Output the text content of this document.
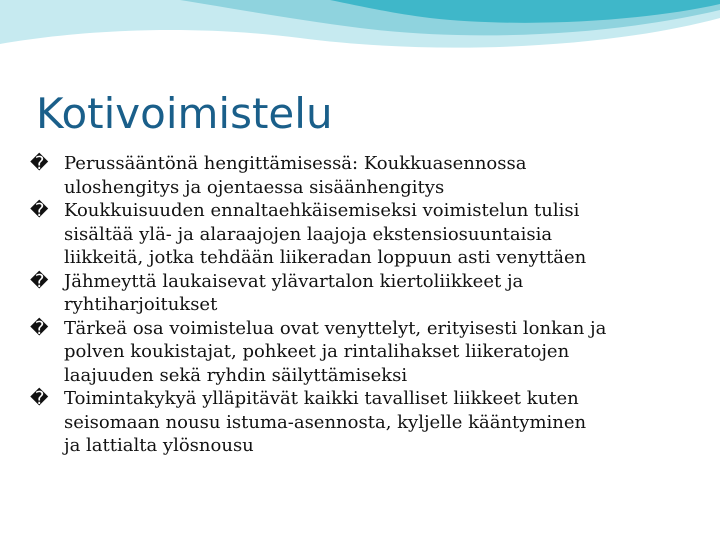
Kotivoimistelu
� Perussääntönä hengittämisessä: Koukkuasennossa
uloshengitys ja ojentaessa sisäänhengitys
� Koukkuisuuden ennaltaehkäisemiseksi voimistelun tulisi
sisältää ylä- ja alaraajojen laajoja ekstensiosuuntaisia
liikkeitä, jotka tehdään liikeradan loppuun asti venyttäen
� Jähmeyttä laukaisevat ylävartalon kiertoliikkeet ja
ryhtiharjoitukset
� Tärkeä osa voimistelua ovat venyttelyt, erityisesti lonkan ja
polven koukistajat, pohkeet ja rintalihakset liikeratojen
laajuuden sekä ryhdin säilyttämiseksi
� Toimintakykyä ylläpitävät kaikki tavalliset liikkeet kuten
seisomaan nousu istuma-asennosta, kyljelle kääntyminen
ja lattialta ylösnousu
